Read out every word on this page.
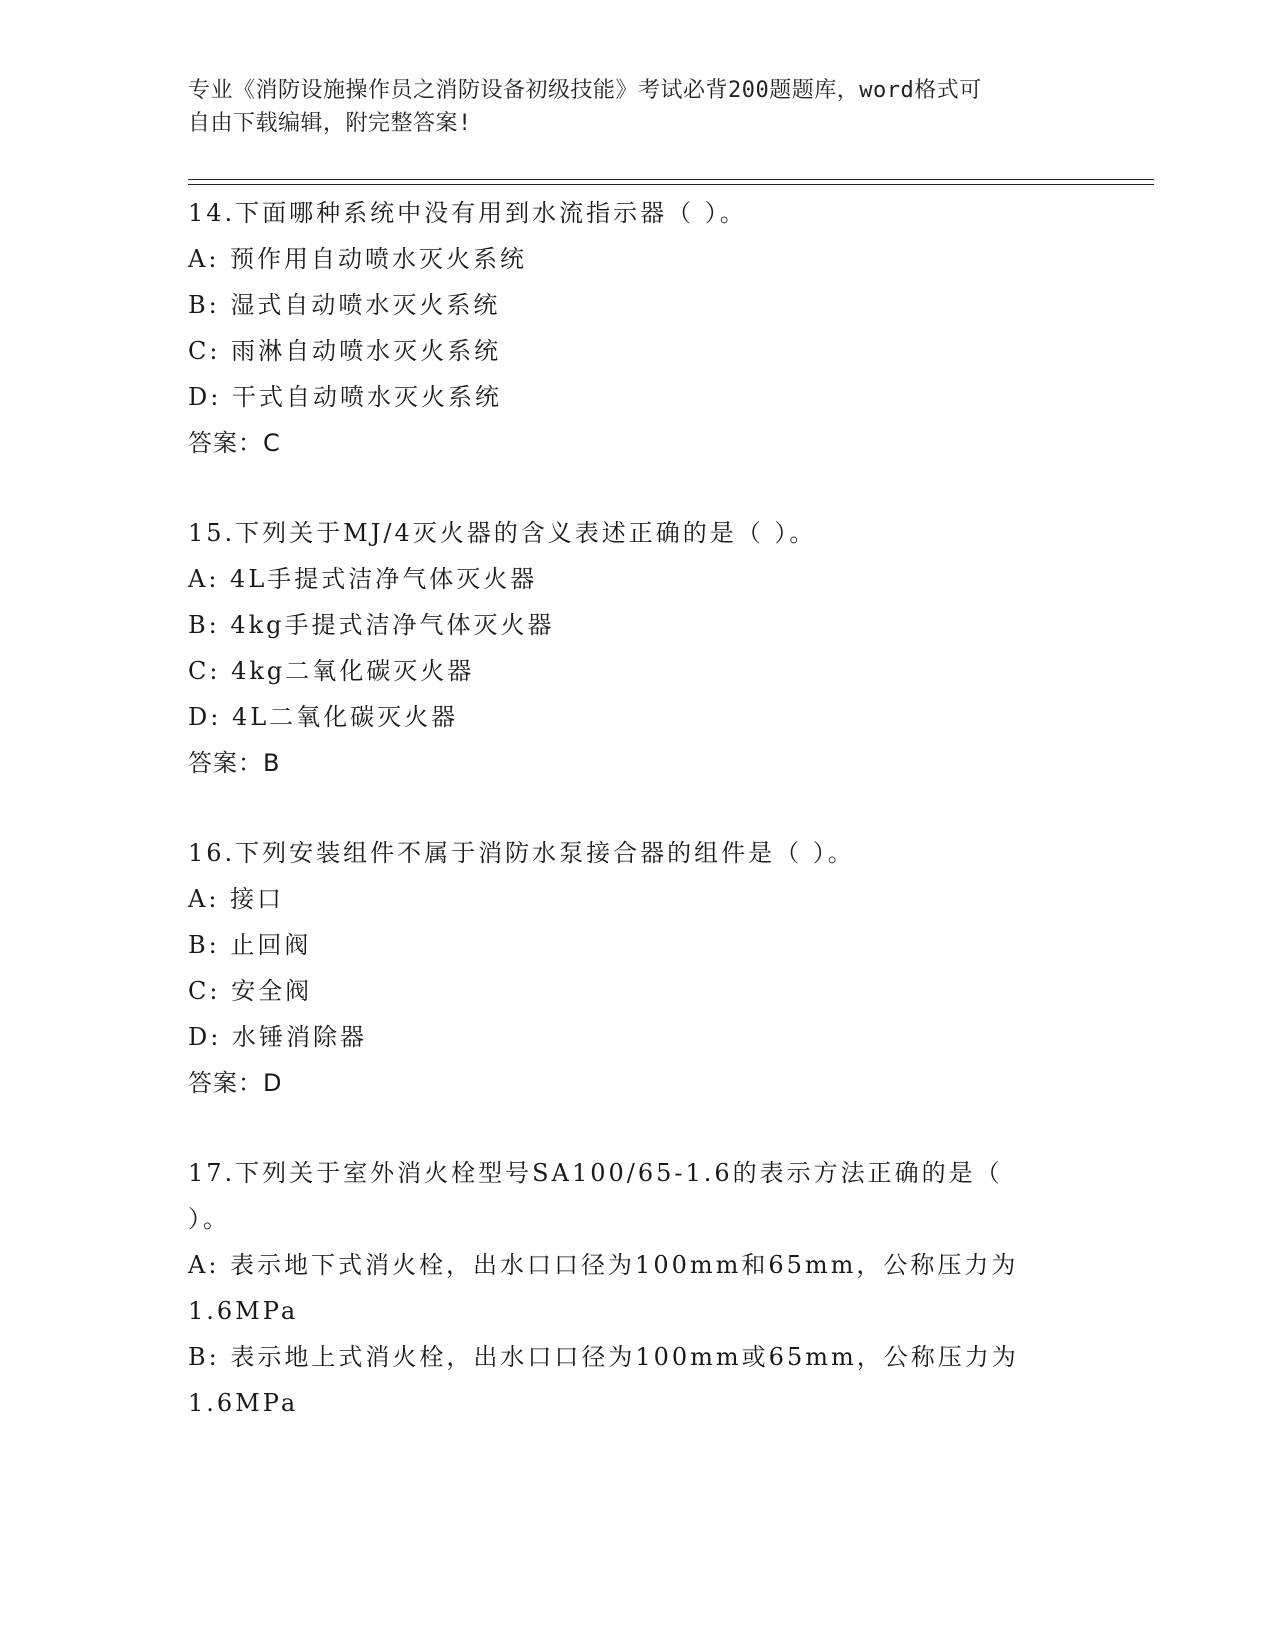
专业《消防设施操作员之消防设备初级技能》考试必背200题题库，word格式可
自由下载编辑，附完整答案!
14.下面哪种系统中没有用到水流指示器（ ）。
A: 预作用自动喷水灭火系统
B: 湿式自动喷水灭火系统
C: 雨淋自动喷水灭火系统
D: 干式自动喷水灭火系统
答案：C
15.下列关于MJ/4灭火器的含义表述正确的是（ ）。
A: 4L手提式洁净气体灭火器
B: 4kg手提式洁净气体灭火器
C: 4kg二氧化碳灭火器
D: 4L二氧化碳灭火器
答案：B
16.下列安装组件不属于消防水泵接合器的组件是（ ）。
A: 接口
B: 止回阀
C: 安全阀
D: 水锤消除器
答案：D
17.下列关于室外消火栓型号SA100/65-1.6的表示方法正确的是（
）。
A: 表示地下式消火栓，出水口口径为100mm和65mm，公称压力为
1.6MPa
B: 表示地上式消火栓，出水口口径为100mm或65mm，公称压力为
1.6MPa
